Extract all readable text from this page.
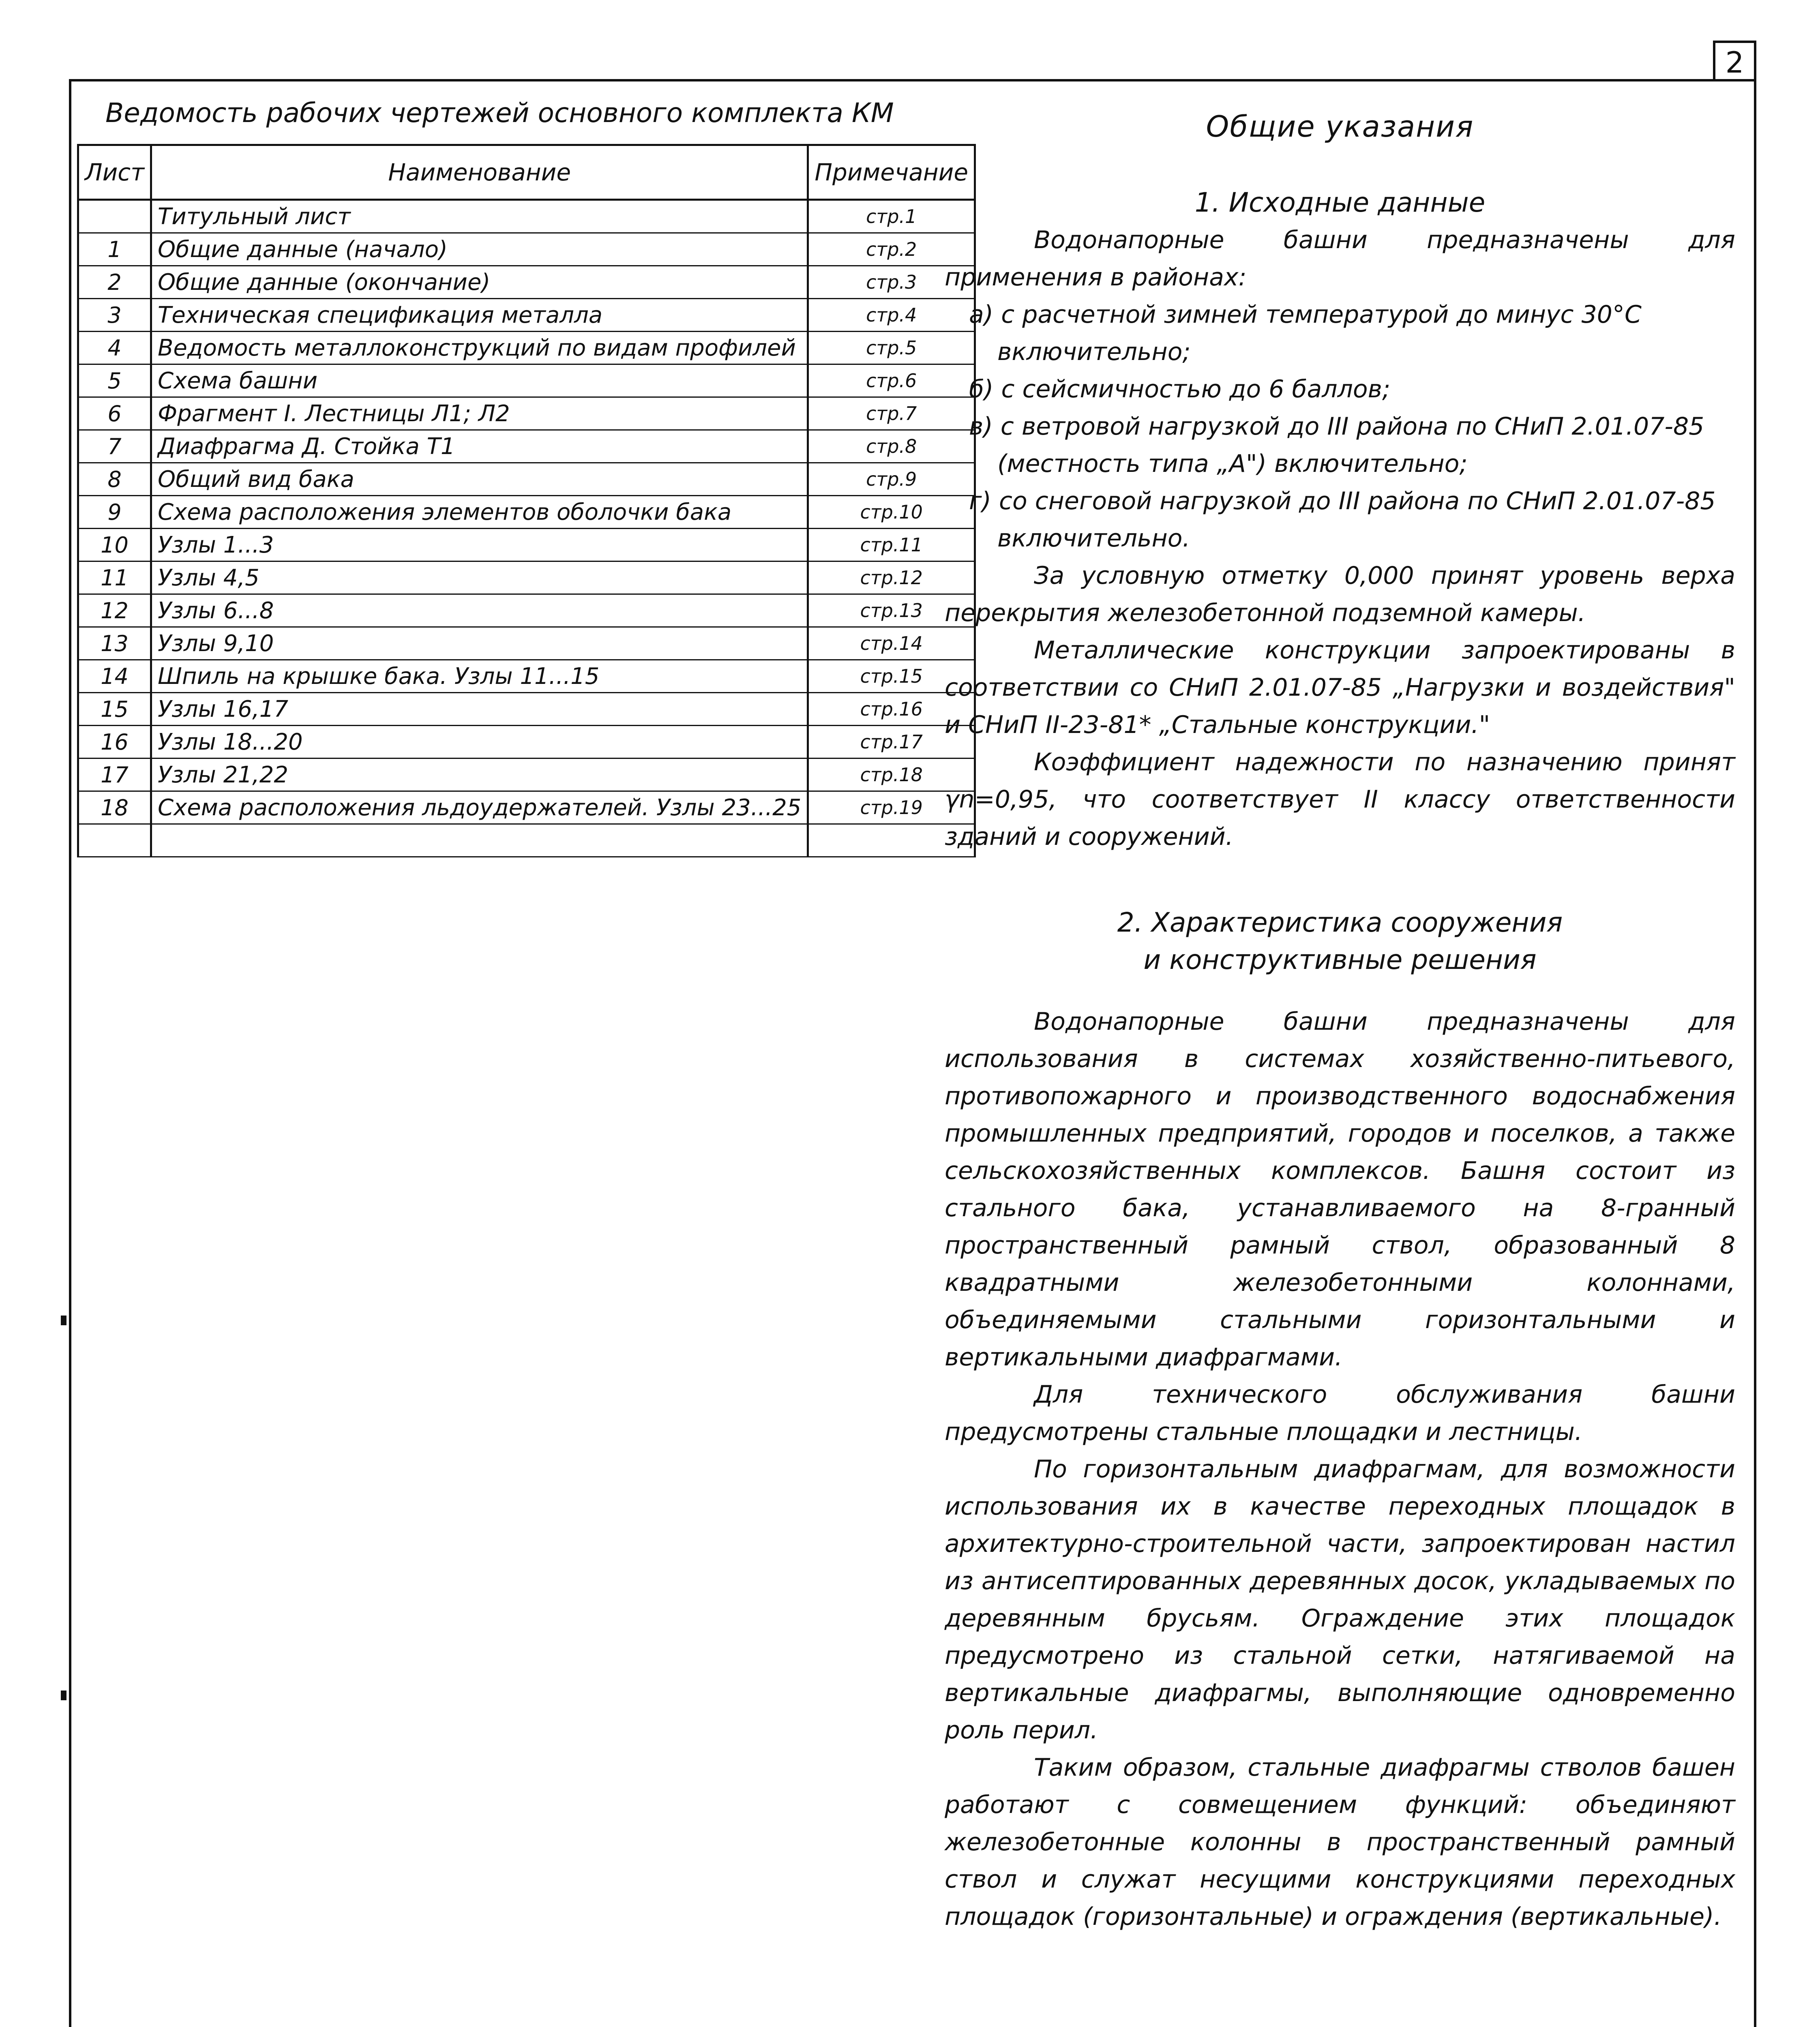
2
Ведомость рабочих чертежей основного комплекта КМ
Лист	Наименование	Примечание
	Титульный лист	стр.1
1	Общие данные (начало)	стр.2
2	Общие данные (окончание)	стр.3
3	Техническая спецификация металла	стр.4
4	Ведомость металлоконструкций по видам профилей	стр.5
5	Схема башни	стр.6
6	Фрагмент I. Лестницы Л1; Л2	стр.7
7	Диафрагма Д. Стойка Т1	стр.8
8	Общий вид бака	стр.9
9	Схема расположения элементов оболочки бака	стр.10
10	Узлы 1...3	стр.11
11	Узлы 4,5	стр.12
12	Узлы 6...8	стр.13
13	Узлы 9,10	стр.14
14	Шпиль на крышке бака. Узлы 11...15	стр.15
15	Узлы 16,17	стр.16
16	Узлы 18...20	стр.17
17	Узлы 21,22	стр.18
18	Схема расположения льдоудержателей. Узлы 23...25	стр.19

Общие указания
1. Исходные данные

Водонапорные башни предназначены для применения в районах:

а) с расчетной зимней температурой до минус 30°С

включительно;

б) с сейсмичностью до 6 баллов;

в) с ветровой нагрузкой до III района по СНиП 2.01.07-85

(местность типа „А") включительно;

г) со снеговой нагрузкой до III района по СНиП 2.01.07-85

включительно.

За условную отметку 0,000 принят уровень верха перекрытия железобетонной подземной камеры.

Металлические конструкции запроектированы в соответствии со СНиП 2.01.07-85 „Нагрузки и воздействия" и СНиП II-23-81* „Стальные конструкции."

Коэффициент надежности по назначению принят γn=0,95, что соответствует II классу ответственности зданий и сооружений.

2. Характеристика сооружения
и конструктивные решения

Водонапорные башни предназначены для использования в системах хозяйственно-питьевого, противопожарного и производственного водоснабжения промышленных предприятий, городов и поселков, а также сельскохозяйственных комплексов. Башня состоит из стального бака, устанавливаемого на 8-гранный пространственный рамный ствол, образованный 8 квадратными железобетонными колоннами, объединяемыми стальными горизонтальными и вертикальными диафрагмами.

Для технического обслуживания башни предусмотрены стальные площадки и лестницы.

По горизонтальным диафрагмам, для возможности использования их в качестве переходных площадок в архитектурно-строительной части, запроектирован настил из антисептированных деревянных досок, укладываемых по деревянным брусьям. Ограждение этих площадок предусмотрено из стальной сетки, натягиваемой на вертикальные диафрагмы, выполняющие одновременно роль перил.

Таким образом, стальные диафрагмы стволов башен работают с совмещением функций: объединяют железобетонные колонны в пространственный рамный ствол и служат несущими конструкциями переходных площадок (горизонтальные) и ограждения (вертикальные).
